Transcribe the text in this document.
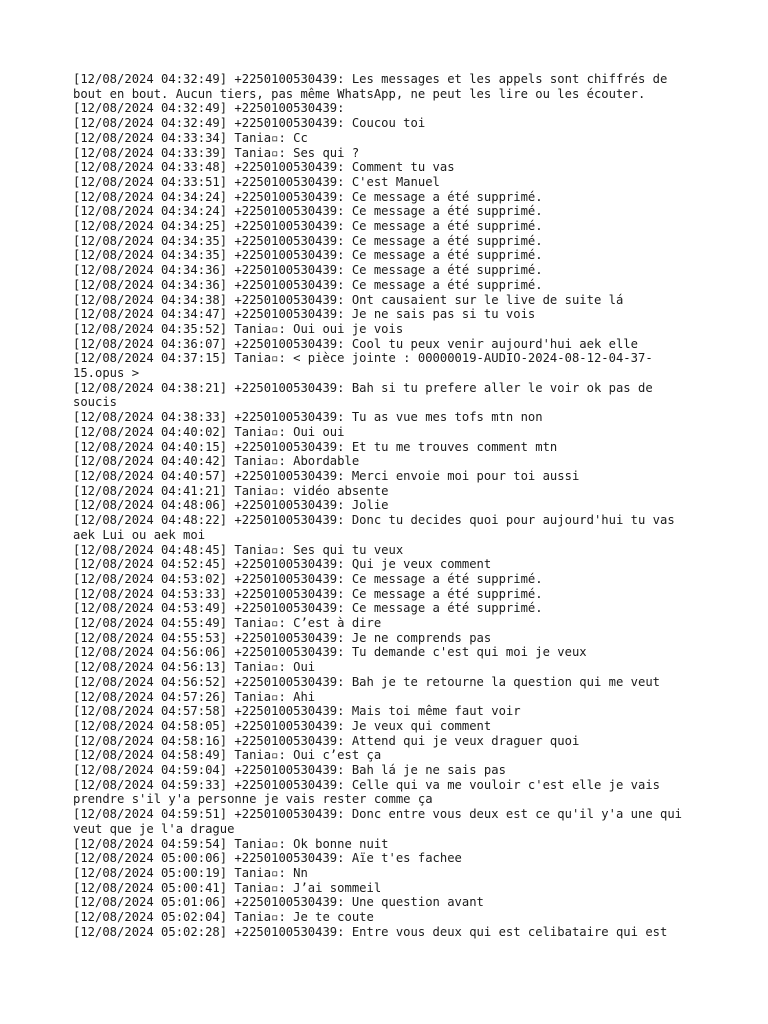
[12/08/2024 04:32:49] +2250100530439: Les messages et les appels sont chiffrés de bout en bout. Aucun tiers, pas même WhatsApp, ne peut les lire ou les écouter.

[12/08/2024 04:32:49] +2250100530439:

[12/08/2024 04:32:49] +2250100530439: Coucou toi

[12/08/2024 04:33:34] Tania▫: Cc

[12/08/2024 04:33:39] Tania▫: Ses qui ?

[12/08/2024 04:33:48] +2250100530439: Comment tu vas

[12/08/2024 04:33:51] +2250100530439: C'est Manuel

[12/08/2024 04:34:24] +2250100530439: Ce message a été supprimé.

[12/08/2024 04:34:24] +2250100530439: Ce message a été supprimé.

[12/08/2024 04:34:25] +2250100530439: Ce message a été supprimé.

[12/08/2024 04:34:35] +2250100530439: Ce message a été supprimé.

[12/08/2024 04:34:35] +2250100530439: Ce message a été supprimé.

[12/08/2024 04:34:36] +2250100530439: Ce message a été supprimé.

[12/08/2024 04:34:36] +2250100530439: Ce message a été supprimé.

[12/08/2024 04:34:38] +2250100530439: Ont causaient sur le live de suite lá

[12/08/2024 04:34:47] +2250100530439: Je ne sais pas si tu vois

[12/08/2024 04:35:52] Tania▫: Oui oui je vois

[12/08/2024 04:36:07] +2250100530439: Cool tu peux venir aujourd'hui aek elle

[12/08/2024 04:37:15] Tania▫: < pièce jointe : 00000019-AUDIO-2024-08-12-04-37-15.opus >

[12/08/2024 04:38:21] +2250100530439: Bah si tu prefere aller le voir ok pas de soucis

[12/08/2024 04:38:33] +2250100530439: Tu as vue mes tofs mtn non

[12/08/2024 04:40:02] Tania▫: Oui oui

[12/08/2024 04:40:15] +2250100530439: Et tu me trouves comment mtn

[12/08/2024 04:40:42] Tania▫: Abordable

[12/08/2024 04:40:57] +2250100530439: Merci envoie moi pour toi aussi

[12/08/2024 04:41:21] Tania▫: vidéo absente

[12/08/2024 04:48:06] +2250100530439: Jolie

[12/08/2024 04:48:22] +2250100530439: Donc tu decides quoi pour aujourd'hui tu vas aek Lui ou aek moi

[12/08/2024 04:48:45] Tania▫: Ses qui tu veux

[12/08/2024 04:52:45] +2250100530439: Qui je veux comment

[12/08/2024 04:53:02] +2250100530439: Ce message a été supprimé.

[12/08/2024 04:53:33] +2250100530439: Ce message a été supprimé.

[12/08/2024 04:53:49] +2250100530439: Ce message a été supprimé.

[12/08/2024 04:55:49] Tania▫: C’est à dire

[12/08/2024 04:55:53] +2250100530439: Je ne comprends pas

[12/08/2024 04:56:06] +2250100530439: Tu demande c'est qui moi je veux

[12/08/2024 04:56:13] Tania▫: Oui

[12/08/2024 04:56:52] +2250100530439: Bah je te retourne la question qui me veut

[12/08/2024 04:57:26] Tania▫: Ahi

[12/08/2024 04:57:58] +2250100530439: Mais toi même faut voir

[12/08/2024 04:58:05] +2250100530439: Je veux qui comment

[12/08/2024 04:58:16] +2250100530439: Attend qui je veux draguer quoi

[12/08/2024 04:58:49] Tania▫: Oui c’est ça

[12/08/2024 04:59:04] +2250100530439: Bah lá je ne sais pas

[12/08/2024 04:59:33] +2250100530439: Celle qui va me vouloir c'est elle je vais prendre s'il y'a personne je vais rester comme ça

[12/08/2024 04:59:51] +2250100530439: Donc entre vous deux est ce qu'il y'a une qui veut que je l'a drague

[12/08/2024 04:59:54] Tania▫: Ok bonne nuit

[12/08/2024 05:00:06] +2250100530439: Aïe t'es fachee

[12/08/2024 05:00:19] Tania▫: Nn

[12/08/2024 05:00:41] Tania▫: J’ai sommeil

[12/08/2024 05:01:06] +2250100530439: Une question avant

[12/08/2024 05:02:04] Tania▫: Je te coute

[12/08/2024 05:02:28] +2250100530439: Entre vous deux qui est celibataire qui est
